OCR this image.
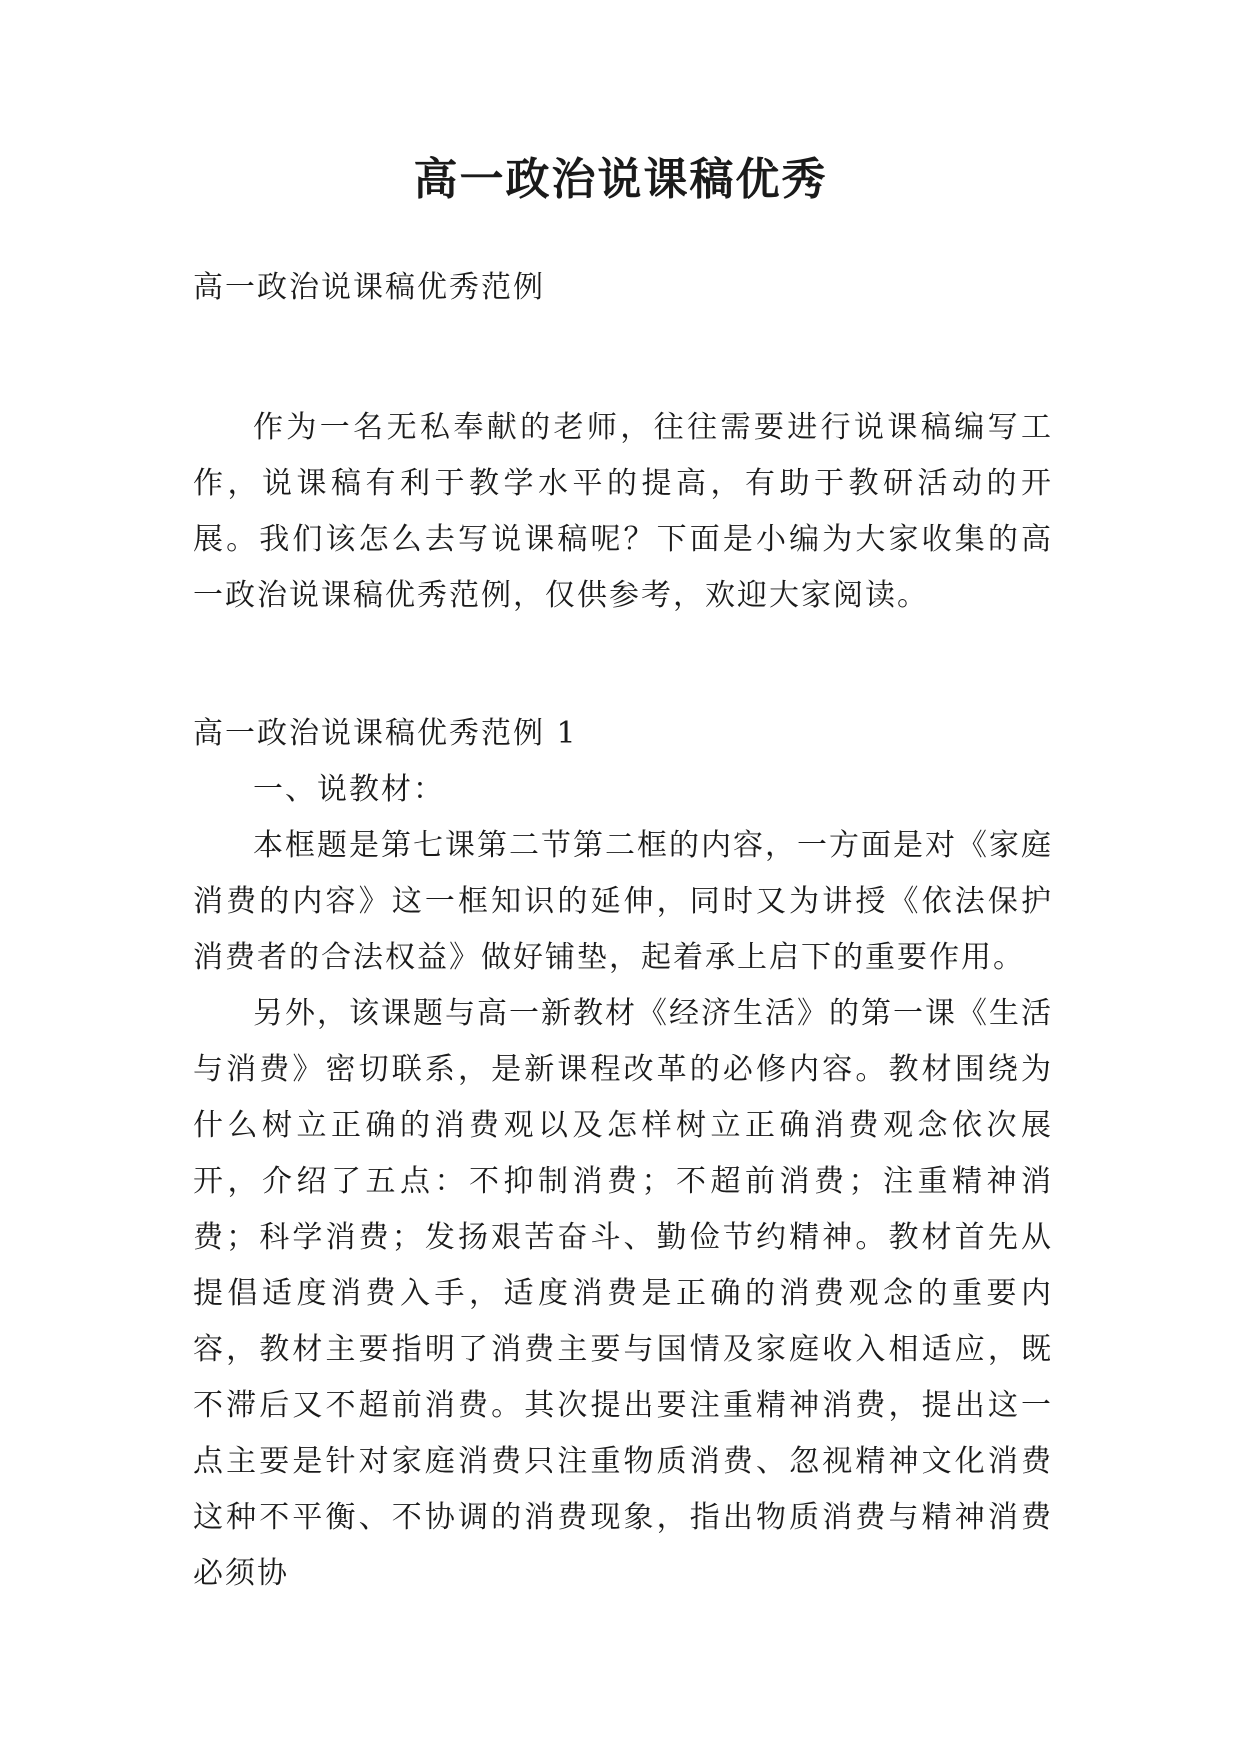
高一政治说课稿优秀

高一政治说课稿优秀范例

作为一名无私奉献的老师，往往需要进行说课稿编写工作，说课稿有利于教学水平的提高，有助于教研活动的开展。我们该怎么去写说课稿呢？下面是小编为大家收集的高一政治说课稿优秀范例，仅供参考，欢迎大家阅读。

高一政治说课稿优秀范例 1

一、说教材：

本框题是第七课第二节第二框的内容，一方面是对《家庭消费的内容》这一框知识的延伸，同时又为讲授《依法保护消费者的合法权益》做好铺垫，起着承上启下的重要作用。

另外，该课题与高一新教材《经济生活》的第一课《生活与消费》密切联系，是新课程改革的必修内容。教材围绕为什么树立正确的消费观以及怎样树立正确消费观念依次展开，介绍了五点：不抑制消费；不超前消费；注重精神消费；科学消费；发扬艰苦奋斗、勤俭节约精神。教材首先从提倡适度消费入手，适度消费是正确的消费观念的重要内容，教材主要指明了消费主要与国情及家庭收入相适应，既不滞后又不超前消费。其次提出要注重精神消费，提出这一点主要是针对家庭消费只注重物质消费、忽视精神文化消费这种不平衡、不协调的消费现象，指出物质消费与精神消费必须协
